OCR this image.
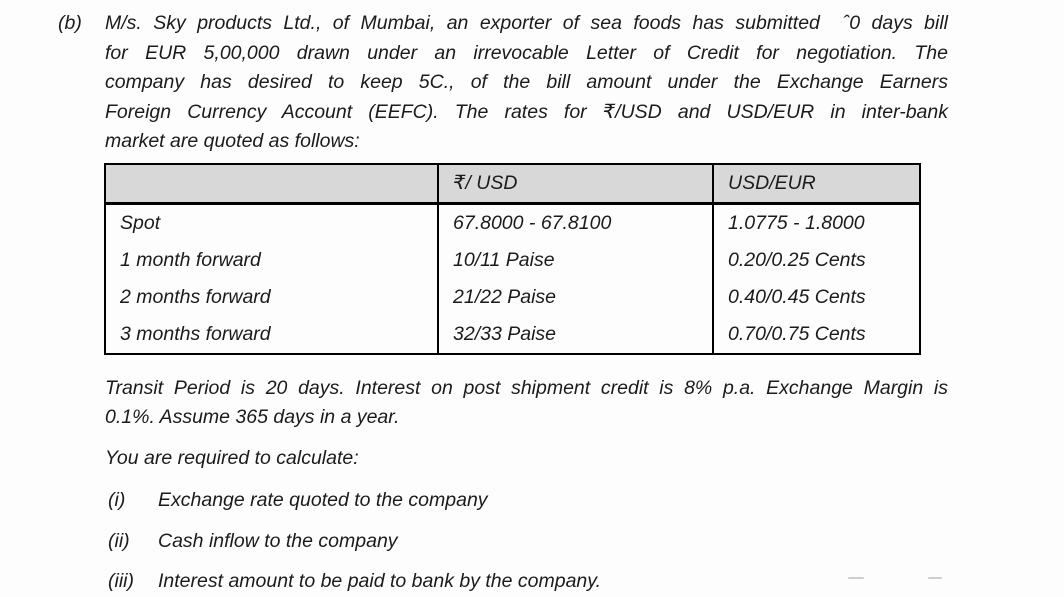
(b)	M/s. Sky products Ltd., of Mumbai, an exporter of sea foods has submitted  ˆ0 days bill
for EUR 5,00,000 drawn under an irrevocable Letter of Credit for negotiation. The
company has desired to keep 5C., of the bill amount under the Exchange Earners
Foreign Currency Account (EEFC). The rates for ₹/USD and USD/EUR in inter-bank
market are quoted as follows:
	₹/ USD	USD/EUR
Spot	67.8000 - 67.8100	1.0775 - 1.8000
1 month forward	10/11 Paise	0.20/0.25 Cents
2 months forward	21/22 Paise	0.40/0.45 Cents
3 months forward	32/33 Paise	0.70/0.75 Cents
Transit Period is 20 days. Interest on post shipment credit is 8% p.a. Exchange Margin is
0.1%. Assume 365 days in a year.
You are required to calculate:
(i)	Exchange rate quoted to the company
(ii)	Cash inflow to the company
(iii)	Interest amount to be paid to bank by the company.
